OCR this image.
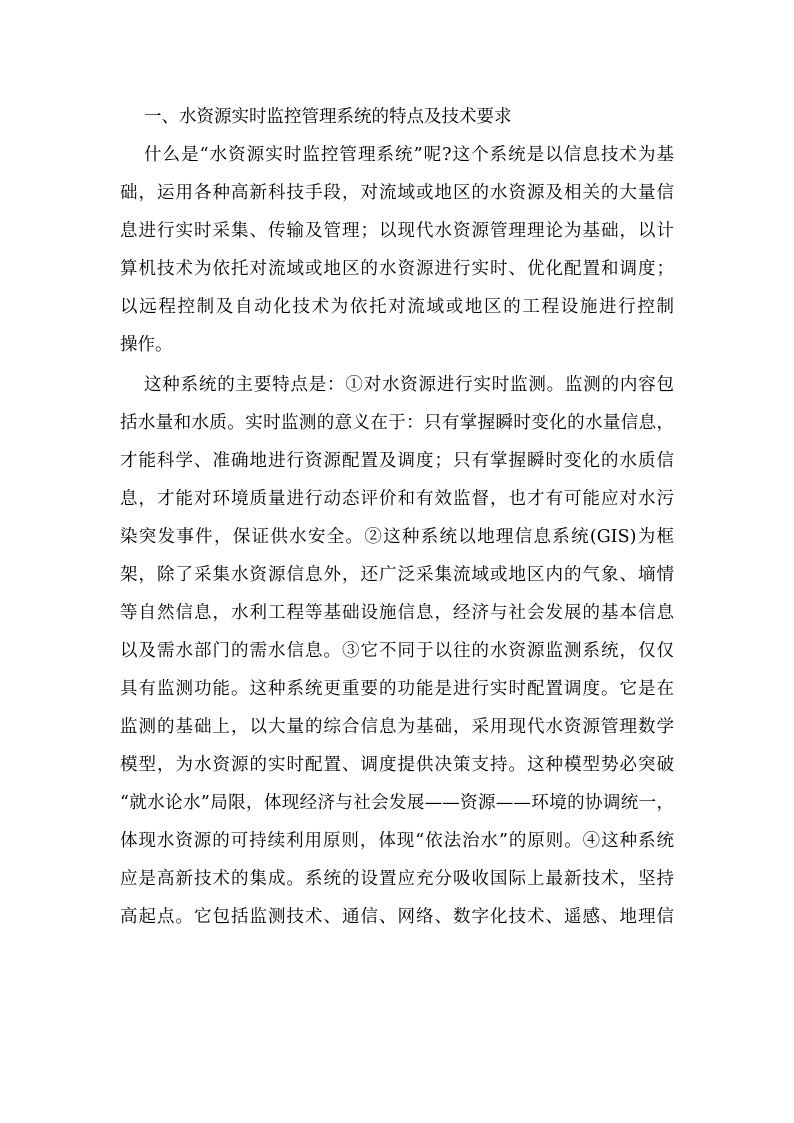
一、水资源实时监控管理系统的特点及技术要求

什么是“水资源实时监控管理系统”呢?这个系统是以信息技术为基
础，运用各种高新科技手段，对流域或地区的水资源及相关的大量信
息进行实时采集、传输及管理；以现代水资源管理理论为基础，以计
算机技术为依托对流域或地区的水资源进行实时、优化配置和调度；
以远程控制及自动化技术为依托对流域或地区的工程设施进行控制
操作。

这种系统的主要特点是：①对水资源进行实时监测。监测的内容包
括水量和水质。实时监测的意义在于：只有掌握瞬时变化的水量信息，
才能科学、准确地进行资源配置及调度；只有掌握瞬时变化的水质信
息，才能对环境质量进行动态评价和有效监督，也才有可能应对水污
染突发事件，保证供水安全。②这种系统以地理信息系统(GIS)为框
架，除了采集水资源信息外，还广泛采集流域或地区内的气象、墒情
等自然信息，水利工程等基础设施信息，经济与社会发展的基本信息
以及需水部门的需水信息。③它不同于以往的水资源监测系统，仅仅
具有监测功能。这种系统更重要的功能是进行实时配置调度。它是在
监测的基础上，以大量的综合信息为基础，采用现代水资源管理数学
模型，为水资源的实时配置、调度提供决策支持。这种模型势必突破
“就水论水”局限，体现经济与社会发展——资源——环境的协调统一，
体现水资源的可持续利用原则，体现“依法治水”的原则。④这种系统
应是高新技术的集成。系统的设置应充分吸收国际上最新技术，坚持
高起点。它包括监测技术、通信、网络、数字化技术、遥感、地理信
